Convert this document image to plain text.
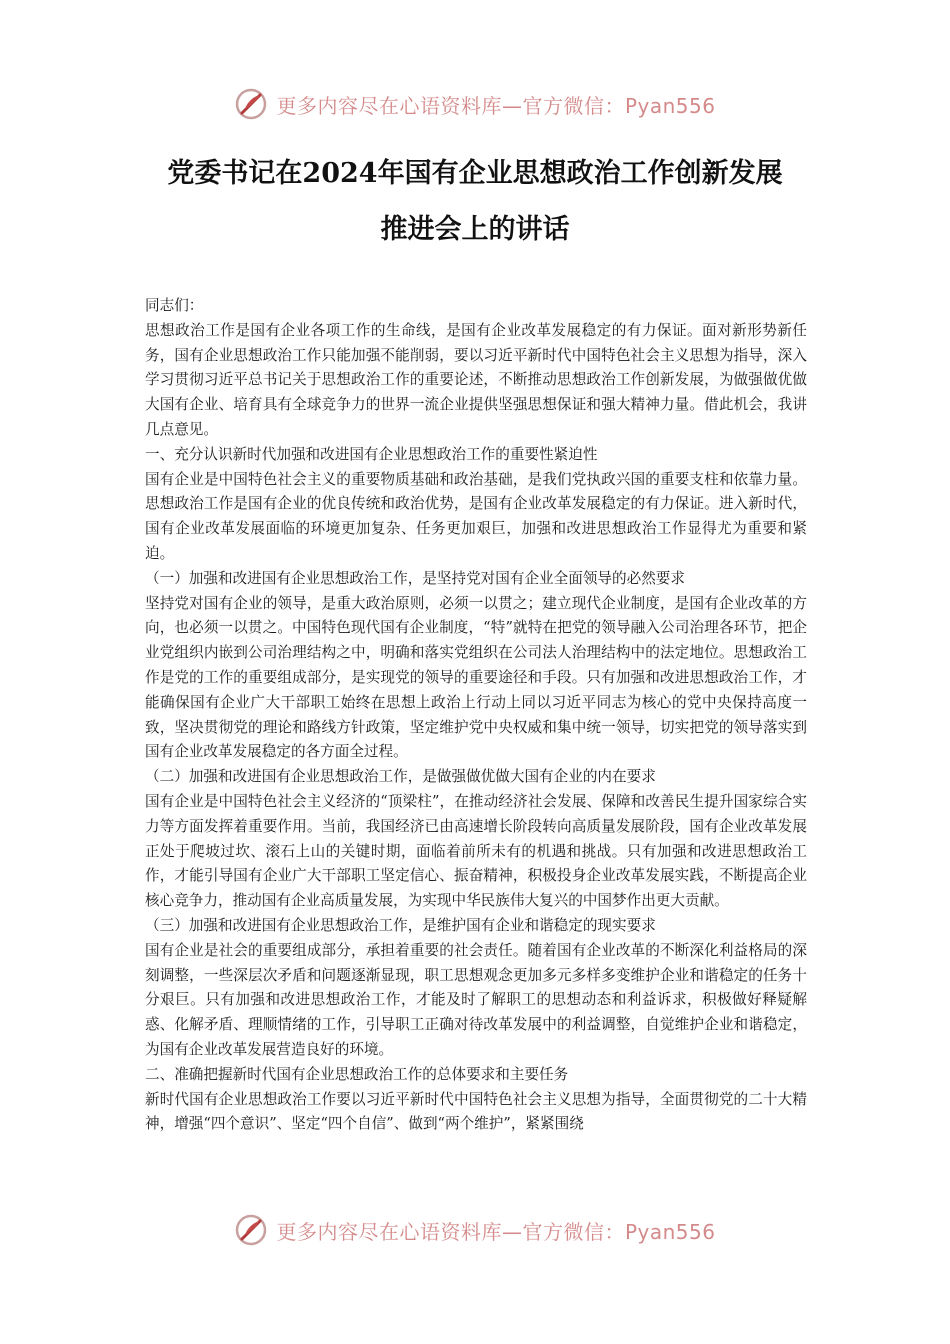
更多内容尽在心语资料库—官方微信：Pyan556
党委书记在2024年国有企业思想政治工作创新发展
推进会上的讲话

同志们：

思想政治工作是国有企业各项工作的生命线，是国有企业改革发展稳定的有力保证。面对新形势新任务，国有企业思想政治工作只能加强不能削弱，要以习近平新时代中国特色社会主义思想为指导，深入学习贯彻习近平总书记关于思想政治工作的重要论述，不断推动思想政治工作创新发展，为做强做优做大国有企业、培育具有全球竞争力的世界一流企业提供坚强思想保证和强大精神力量。借此机会，我讲几点意见。

一、充分认识新时代加强和改进国有企业思想政治工作的重要性紧迫性

国有企业是中国特色社会主义的重要物质基础和政治基础，是我们党执政兴国的重要支柱和依靠力量。思想政治工作是国有企业的优良传统和政治优势，是国有企业改革发展稳定的有力保证。进入新时代，国有企业改革发展面临的环境更加复杂、任务更加艰巨，加强和改进思想政治工作显得尤为重要和紧迫。

（一）加强和改进国有企业思想政治工作，是坚持党对国有企业全面领导的必然要求

坚持党对国有企业的领导，是重大政治原则，必须一以贯之；建立现代企业制度，是国有企业改革的方向，也必须一以贯之。中国特色现代国有企业制度，“特”就特在把党的领导融入公司治理各环节，把企业党组织内嵌到公司治理结构之中，明确和落实党组织在公司法人治理结构中的法定地位。思想政治工作是党的工作的重要组成部分，是实现党的领导的重要途径和手段。只有加强和改进思想政治工作，才能确保国有企业广大干部职工始终在思想上政治上行动上同以习近平同志为核心的党中央保持高度一致，坚决贯彻党的理论和路线方针政策，坚定维护党中央权威和集中统一领导，切实把党的领导落实到国有企业改革发展稳定的各方面全过程。

（二）加强和改进国有企业思想政治工作，是做强做优做大国有企业的内在要求

国有企业是中国特色社会主义经济的“顶梁柱”，在推动经济社会发展、保障和改善民生提升国家综合实力等方面发挥着重要作用。当前，我国经济已由高速增长阶段转向高质量发展阶段，国有企业改革发展正处于爬坡过坎、滚石上山的关键时期，面临着前所未有的机遇和挑战。只有加强和改进思想政治工作，才能引导国有企业广大干部职工坚定信心、振奋精神，积极投身企业改革发展实践，不断提高企业核心竞争力，推动国有企业高质量发展，为实现中华民族伟大复兴的中国梦作出更大贡献。

（三）加强和改进国有企业思想政治工作，是维护国有企业和谐稳定的现实要求

国有企业是社会的重要组成部分，承担着重要的社会责任。随着国有企业改革的不断深化利益格局的深刻调整，一些深层次矛盾和问题逐渐显现，职工思想观念更加多元多样多变维护企业和谐稳定的任务十分艰巨。只有加强和改进思想政治工作，才能及时了解职工的思想动态和利益诉求，积极做好释疑解惑、化解矛盾、理顺情绪的工作，引导职工正确对待改革发展中的利益调整，自觉维护企业和谐稳定，为国有企业改革发展营造良好的环境。

二、准确把握新时代国有企业思想政治工作的总体要求和主要任务

新时代国有企业思想政治工作要以习近平新时代中国特色社会主义思想为指导，全面贯彻党的二十大精神，增强“四个意识”、坚定“四个自信”、做到“两个维护”，紧紧围绕

更多内容尽在心语资料库—官方微信：Pyan556
